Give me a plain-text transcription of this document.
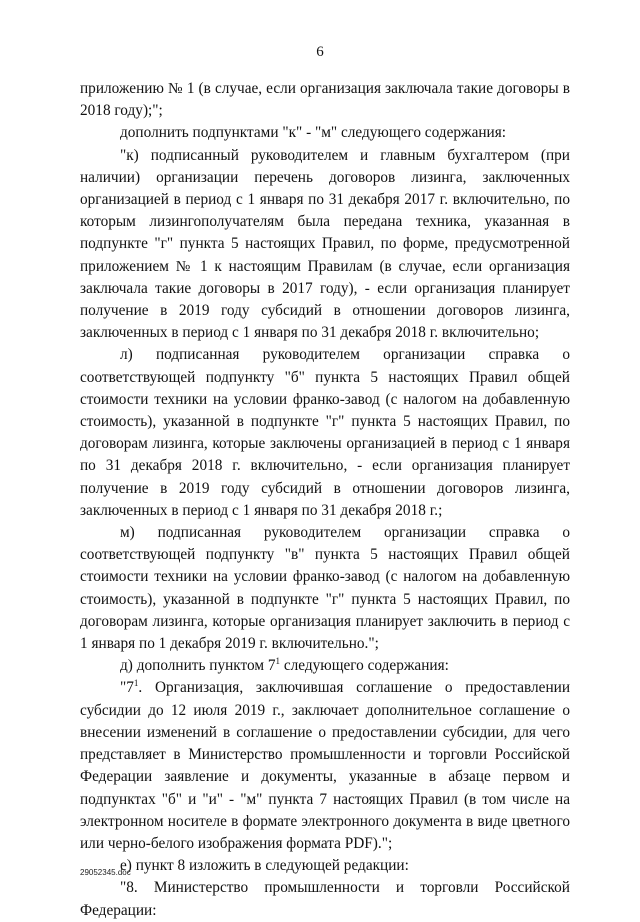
6

приложению № 1 (в случае, если организация заключала такие договоры в 2018 году);";

дополнить подпунктами "к" - "м" следующего содержания:

"к) подписанный руководителем и главным бухгалтером (при наличии) организации перечень договоров лизинга, заключенных организацией в период с 1 января по 31 декабря 2017 г. включительно, по которым лизингополучателям была передана техника, указанная в подпункте "г" пункта 5 настоящих Правил, по форме, предусмотренной приложением № 1 к настоящим Правилам (в случае, если организация заключала такие договоры в 2017 году), - если организация планирует получение в 2019 году субсидий в отношении договоров лизинга, заключенных в период с 1 января по 31 декабря 2018 г. включительно;

л) подписанная руководителем организации справка о соответствующей подпункту "б" пункта 5 настоящих Правил общей стоимости техники на условии франко-завод (с налогом на добавленную стоимость), указанной в подпункте "г" пункта 5 настоящих Правил, по договорам лизинга, которые заключены организацией в период с 1 января по 31 декабря 2018 г. включительно, - если организация планирует получение в 2019 году субсидий в отношении договоров лизинга, заключенных в период с 1 января по 31 декабря 2018 г.;

м) подписанная руководителем организации справка о соответствующей подпункту "в" пункта 5 настоящих Правил общей стоимости техники на условии франко-завод (с налогом на добавленную стоимость), указанной в подпункте "г" пункта 5 настоящих Правил, по договорам лизинга, которые организация планирует заключить в период с 1 января по 1 декабря 2019 г. включительно.";

д) дополнить пунктом $7^1$ следующего содержания:

"$7^1$. Организация, заключившая соглашение о предоставлении субсидии до 12 июля 2019 г., заключает дополнительное соглашение о внесении изменений в соглашение о предоставлении субсидии, для чего представляет в Министерство промышленности и торговли Российской Федерации заявление и документы, указанные в абзаце первом и подпунктах "б" и "и" - "м" пункта 7 настоящих Правил (в том числе на электронном носителе в формате электронного документа в виде цветного или черно-белого изображения формата PDF).";

е) пункт 8 изложить в следующей редакции:

"8. Министерство промышленности и торговли Российской Федерации:

29052345.doc
